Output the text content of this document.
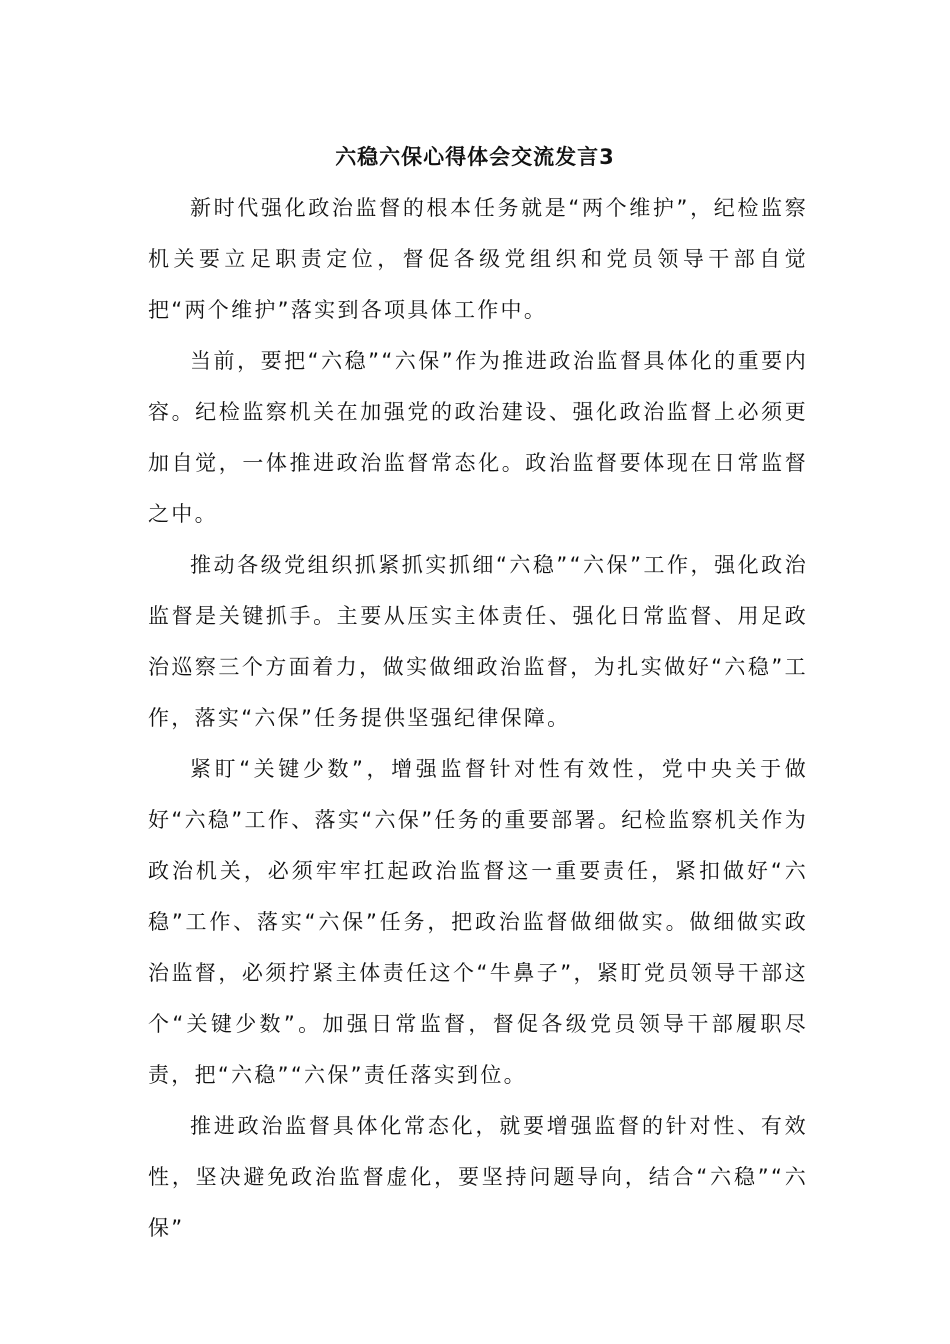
六稳六保心得体会交流发言3

新时代强化政治监督的根本任务就是“两个维护”，纪检监察机关要立足职责定位，督促各级党组织和党员领导干部自觉把“两个维护”落实到各项具体工作中。

当前，要把“六稳”“六保”作为推进政治监督具体化的重要内容。纪检监察机关在加强党的政治建设、强化政治监督上必须更加自觉，一体推进政治监督常态化。政治监督要体现在日常监督之中。

推动各级党组织抓紧抓实抓细“六稳”“六保”工作，强化政治监督是关键抓手。主要从压实主体责任、强化日常监督、用足政治巡察三个方面着力，做实做细政治监督，为扎实做好“六稳”工作，落实“六保”任务提供坚强纪律保障。

紧盯“关键少数”，增强监督针对性有效性，党中央关于做好“六稳”工作、落实“六保”任务的重要部署。纪检监察机关作为政治机关，必须牢牢扛起政治监督这一重要责任，紧扣做好“六稳”工作、落实“六保”任务，把政治监督做细做实。做细做实政治监督，必须拧紧主体责任这个“牛鼻子”，紧盯党员领导干部这个“关键少数”。加强日常监督，督促各级党员领导干部履职尽责，把“六稳”“六保”责任落实到位。

推进政治监督具体化常态化，就要增强监督的针对性、有效性，坚决避免政治监督虚化，要坚持问题导向，结合“六稳”“六保”
